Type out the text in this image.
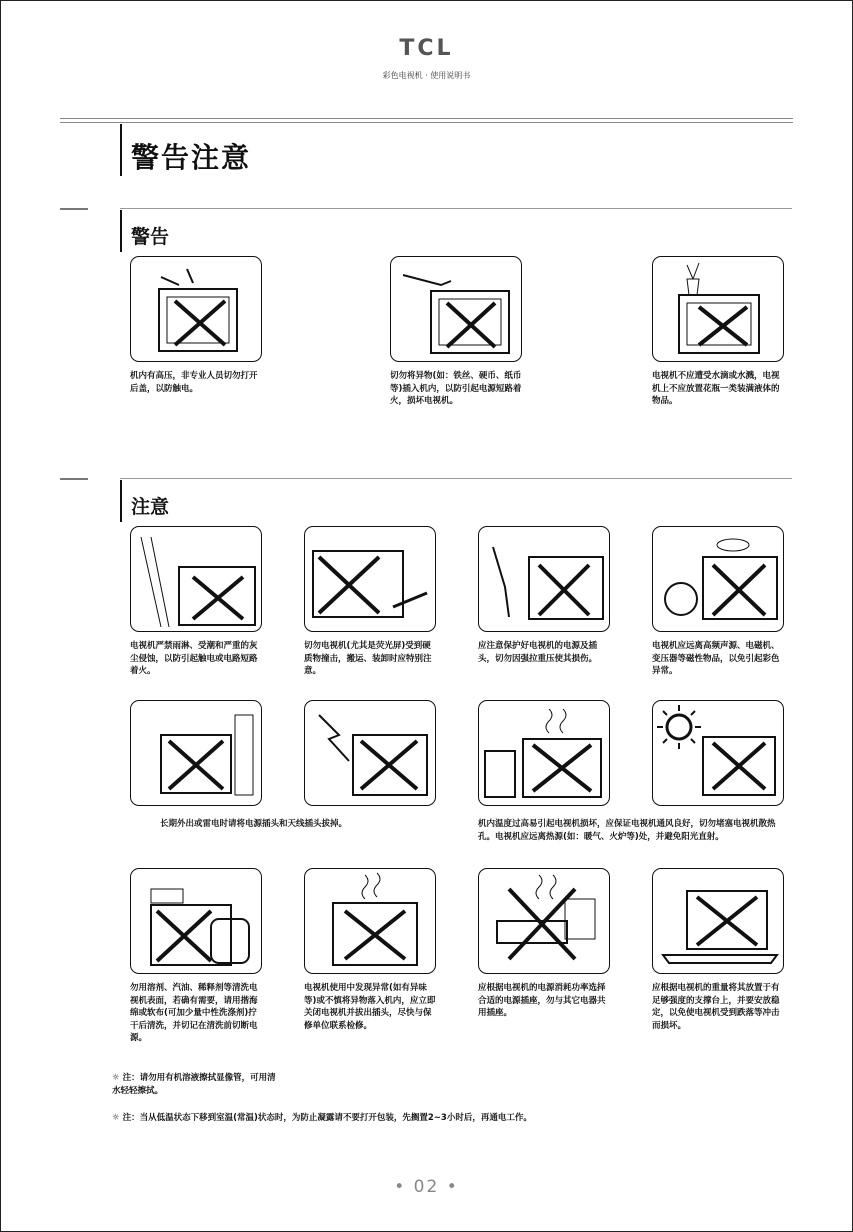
TCL
彩色电视机 · 使用说明书
警告注意
警告
机内有高压，非专业人员切勿打开后盖，以防触电。
切勿将异物(如：铁丝、硬币、纸币等)插入机内，以防引起电源短路着火，损坏电视机。
电视机不应遭受水滴或水溅，电视机上不应放置花瓶一类装满液体的物品。
注意
电视机严禁雨淋、受潮和严重的灰尘侵蚀，以防引起触电或电路短路着火。
切勿电视机(尤其是荧光屏)受到硬质物撞击，搬运、装卸时应特别注意。
应注意保护好电视机的电源及插头，切勿因强拉重压使其损伤。
电视机应远离高频声源、电磁机、变压器等磁性物品，以免引起彩色异常。
长期外出或雷电时请将电源插头和天线插头拔掉。	机内温度过高易引起电视机损坏，应保证电视机通风良好，切勿堵塞电视机散热孔。电视机应远离热源(如：暖气、火炉等)处，并避免阳光直射。
勿用溶剂、汽油、稀释剂等清洗电视机表面，若确有需要，请用揩海绵或软布(可加少量中性洗涤剂)拧干后清洗，并切记在清洗前切断电源。
电视机使用中发现异常(如有异味等)或不慎将异物落入机内，应立即关闭电视机并拔出插头，尽快与保修单位联系检修。
应根据电视机的电源消耗功率选择合适的电源插座，勿与其它电器共用插座。
应根据电视机的重量将其放置于有足够强度的支撑台上，并要安放稳定，以免使电视机受到跌落等冲击而损坏。
☼ 注：请勿用有机溶液擦拭显像管，可用清水轻轻擦拭。
☼ 注：当从低温状态下移到室温(常温)状态时，为防止凝露请不要打开包装，先搁置2~3小时后，再通电工作。
• 02 •
